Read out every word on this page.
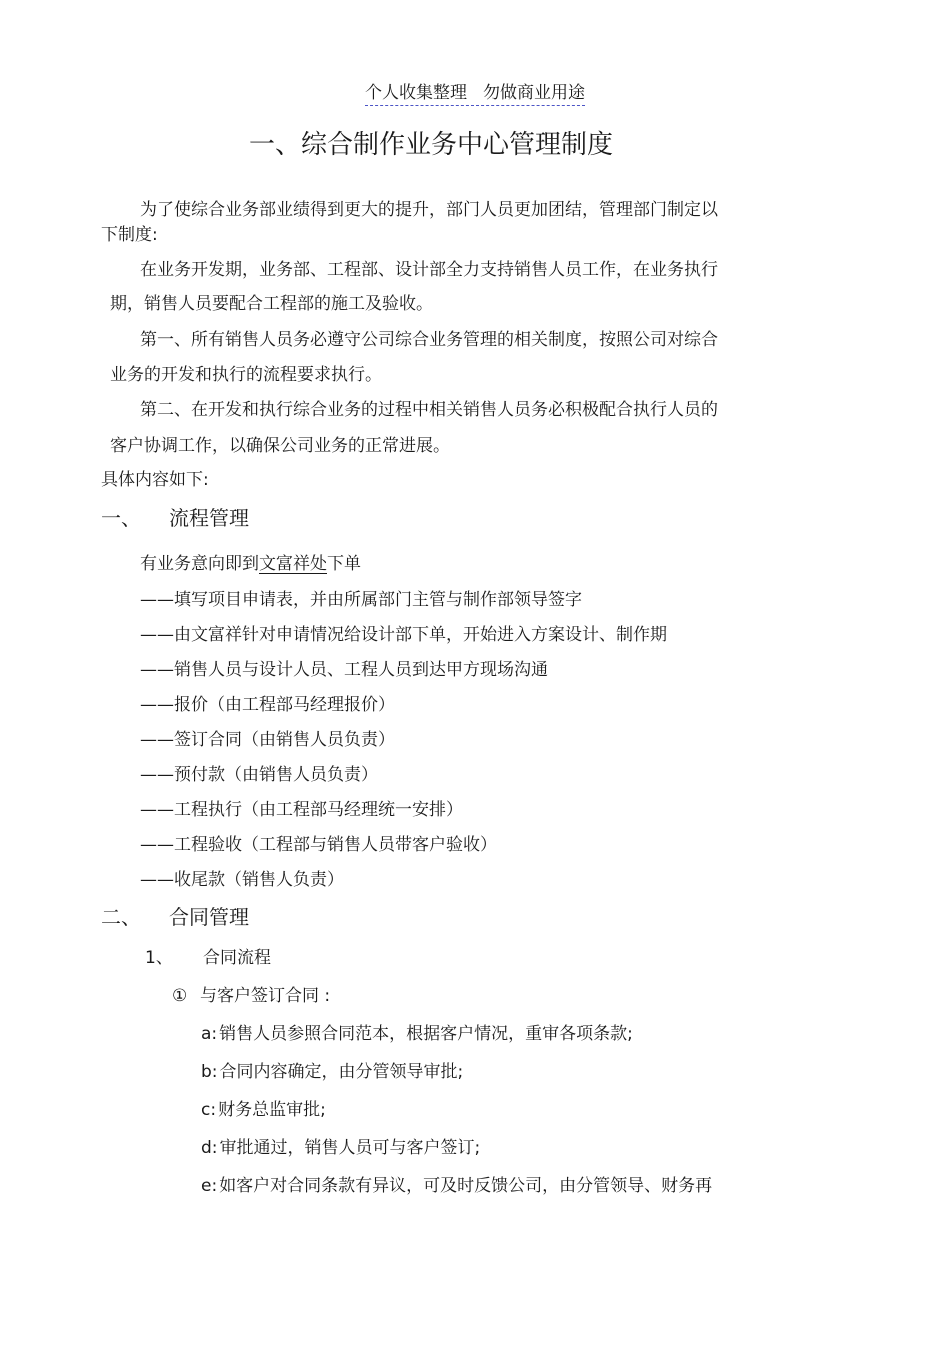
个人收集整理 勿做商业用途
一、综合制作业务中心管理制度
为了使综合业务部业绩得到更大的提升，部门人员更加团结，管理部门制定以
下制度:
在业务开发期，业务部、工程部、设计部全力支持销售人员工作，在业务执行
期，销售人员要配合工程部的施工及验收。
第一、所有销售人员务必遵守公司综合业务管理的相关制度，按照公司对综合
业务的开发和执行的流程要求执行。
第二、在开发和执行综合业务的过程中相关销售人员务必积极配合执行人员的
客户协调工作，以确保公司业务的正常进展。
具体内容如下:
一、 流程管理
有业务意向即到文富祥处下单
——填写项目申请表，并由所属部门主管与制作部领导签字
——由文富祥针对申请情况给设计部下单，开始进入方案设计、制作期
——销售人员与设计人员、工程人员到达甲方现场沟通
——报价（由工程部马经理报价）
——签订合同（由销售人员负责）
——预付款（由销售人员负责）
——工程执行（由工程部马经理统一安排）
——工程验收（工程部与销售人员带客户验收）
——收尾款（销售人负责）
二、 合同管理
1、 合同流程
① 与客户签订合同 :
a: 销售人员参照合同范本，根据客户情况，重审各项条款;
b: 合同内容确定，由分管领导审批;
c: 财务总监审批;
d: 审批通过，销售人员可与客户签订;
e: 如客户对合同条款有异议，可及时反馈公司，由分管领导、财务再
